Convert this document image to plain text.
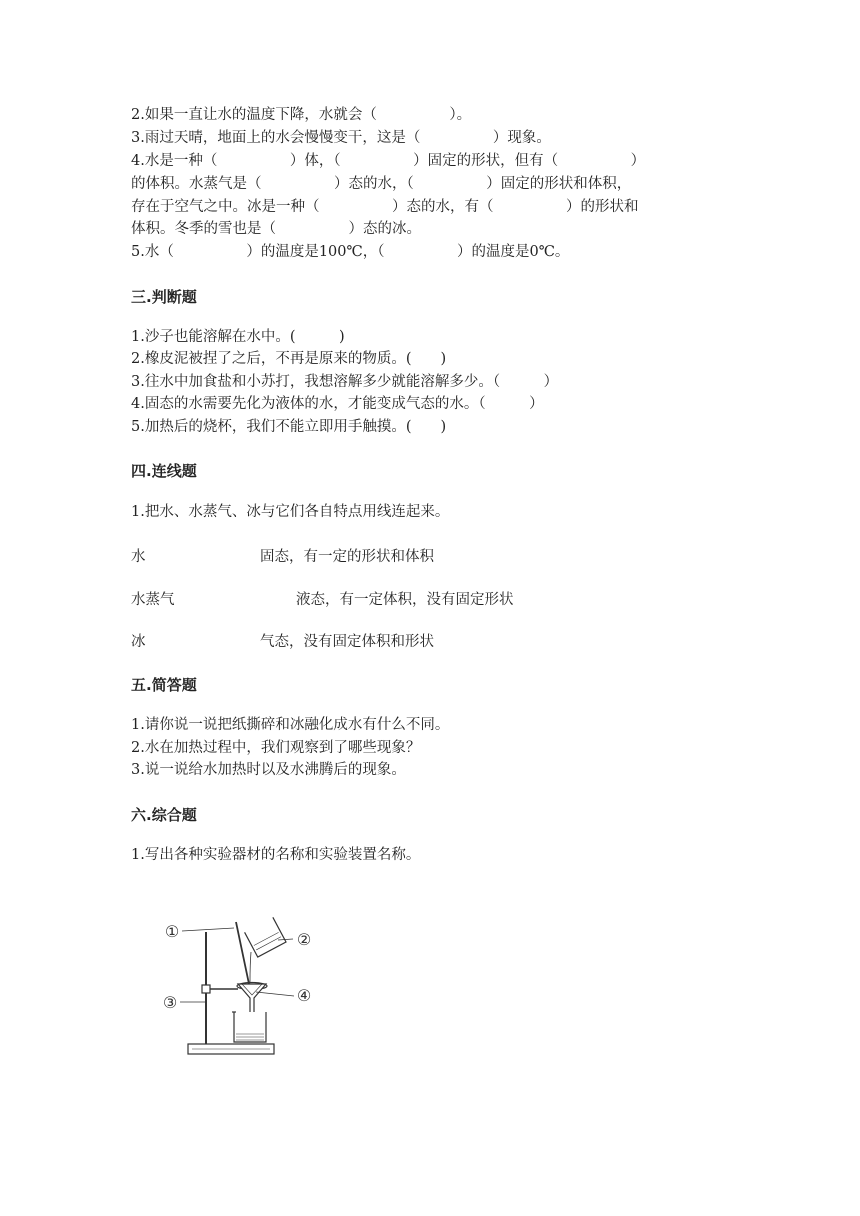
2.如果一直让水的温度下降，水就会（　　　　　）。
3.雨过天晴，地面上的水会慢慢变干，这是（　　　　　）现象。
4.水是一种（　　　　　）体，（　　　　　）固定的形状，但有（　　　　　）
的体积。水蒸气是（　　　　　）态的水，（　　　　　）固定的形状和体积，
存在于空气之中。冰是一种（　　　　　）态的水，有（　　　　　）的形状和
体积。冬季的雪也是（　　　　　）态的冰。
5.水（　　　　　）的温度是100℃，（　　　　　）的温度是0℃。
三.判断题
1.沙子也能溶解在水中。(　　　)
2.橡皮泥被捏了之后，不再是原来的物质。(　　)
3.往水中加食盐和小苏打，我想溶解多少就能溶解多少。（　　　）
4.固态的水需要先化为液体的水，才能变成气态的水。（　　　）
5.加热后的烧杯，我们不能立即用手触摸。(　　)
四.连线题
1.把水、水蒸气、冰与它们各自特点用线连起来。
水	固态，有一定的形状和体积
水蒸气	液态，有一定体积，没有固定形状
冰	气态，没有固定体积和形状
五.简答题
1.请你说一说把纸撕碎和冰融化成水有什么不同。
2.水在加热过程中，我们观察到了哪些现象？
3.说一说给水加热时以及水沸腾后的现象。
六.综合题
1.写出各种实验器材的名称和实验装置名称。
①	②
③	④
